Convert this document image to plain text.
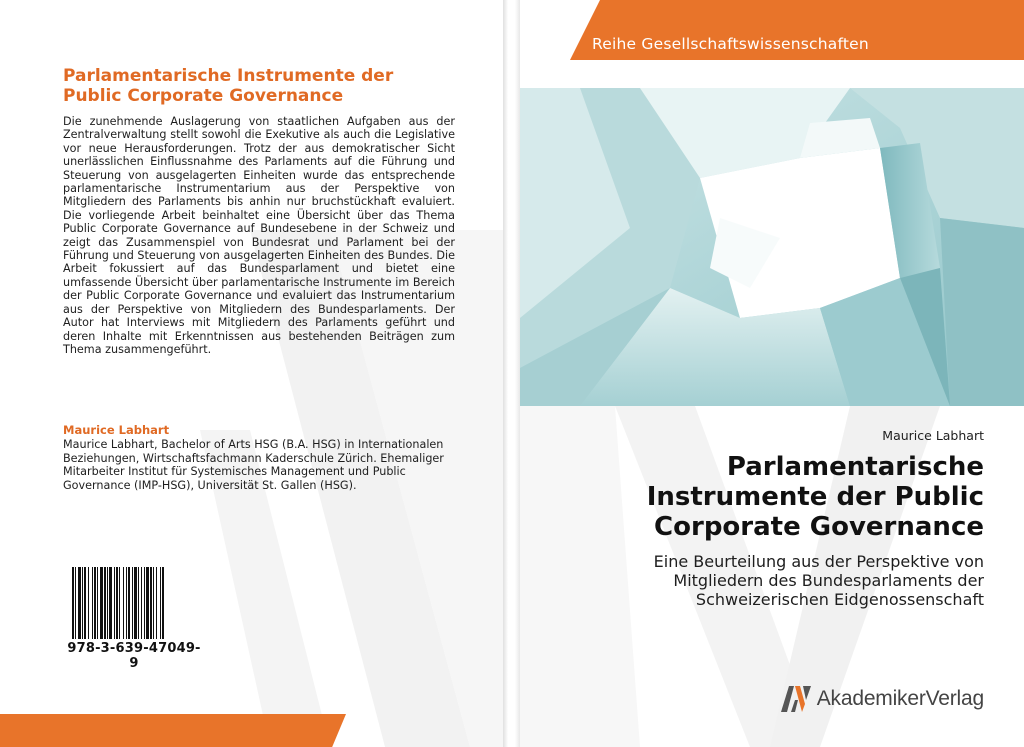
Parlamentarische Instrumente der
Public Corporate Governance

Die zunehmende Auslagerung von staatlichen Aufgaben aus der Zentralverwaltung stellt sowohl die Exekutive als auch die Legislative vor neue Herausforderungen. Trotz der aus demokratischer Sicht unerlässlichen Einflussnahme des Parlaments auf die Führung und Steuerung von ausgelagerten Einheiten wurde das entsprechende parlamentarische Instrumentarium aus der Perspektive von Mitgliedern des Parlaments bis anhin nur bruchstückhaft evaluiert. Die vorliegende Arbeit beinhaltet eine Übersicht über das Thema Public Corporate Governance auf Bundesebene in der Schweiz und zeigt das Zusammenspiel von Bundesrat und Parlament bei der Führung und Steuerung von ausgelagerten Einheiten des Bundes. Die Arbeit fokussiert auf das Bundesparlament und bietet eine umfassende Übersicht über parlamentarische Instrumente im Bereich der Public Corporate Governance und evaluiert das Instrumentarium aus der Perspektive von Mitgliedern des Bundesparlaments. Der Autor hat Interviews mit Mitgliedern des Parlaments geführt und deren Inhalte mit Erkenntnissen aus bestehenden Beiträgen zum Thema zusammengeführt.

Maurice Labhart

Maurice Labhart, Bachelor of Arts HSG (B.A. HSG) in Internationalen Beziehungen, Wirtschaftsfachmann Kaderschule Zürich. Ehemaliger Mitarbeiter Institut für Systemisches Management und Public Governance (IMP-HSG), Universität St. Gallen (HSG).

978-3-639-47049-9
Reihe Gesellschaftswissenschaften
Maurice Labhart
Parlamentarische
Instrumente der Public
Corporate Governance

Eine Beurteilung aus der Perspektive von
Mitgliedern des Bundesparlaments der
Schweizerischen Eidgenossenschaft

AkademikerVerlag
